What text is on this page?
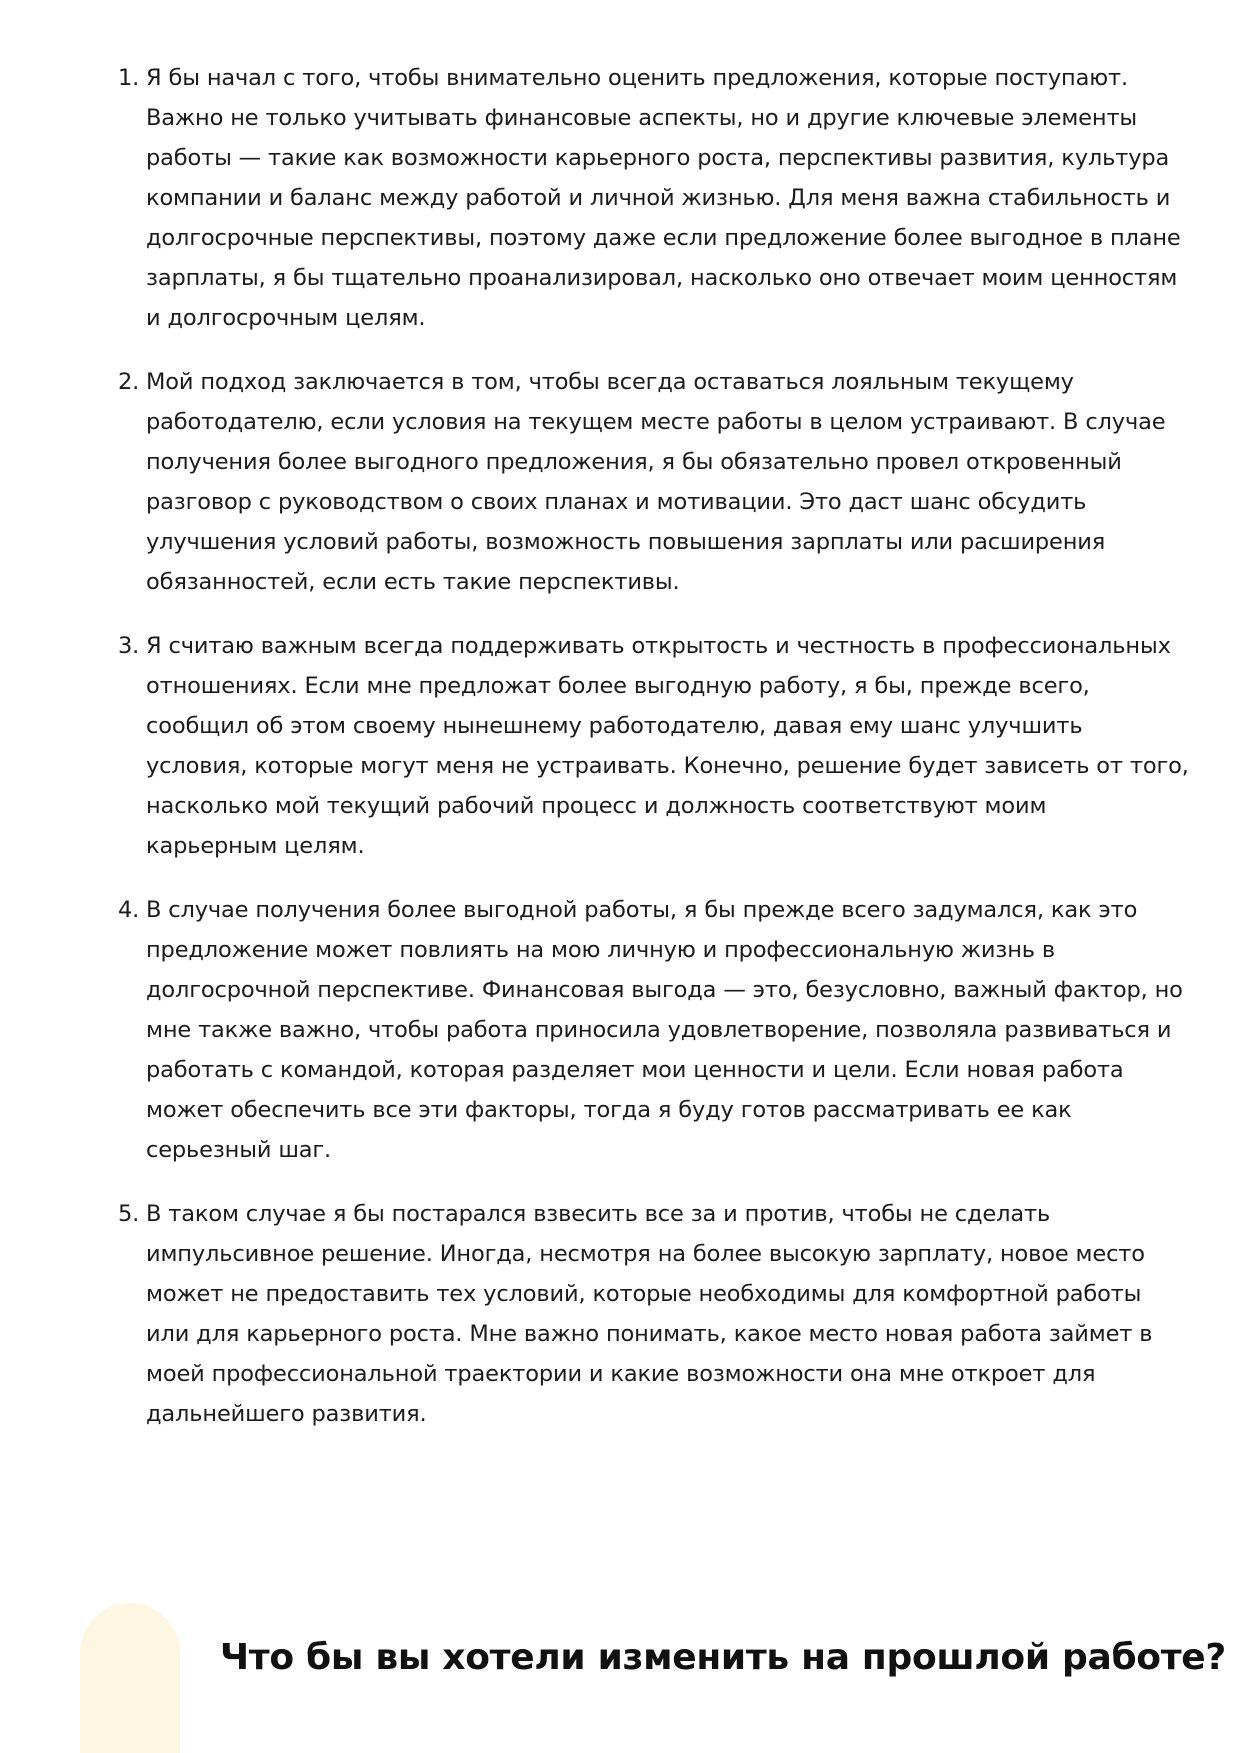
1. Я бы начал с того, чтобы внимательно оценить предложения, которые поступают.
Важно не только учитывать финансовые аспекты, но и другие ключевые элементы
работы — такие как возможности карьерного роста, перспективы развития, культура
компании и баланс между работой и личной жизнью. Для меня важна стабильность и
долгосрочные перспективы, поэтому даже если предложение более выгодное в плане
зарплаты, я бы тщательно проанализировал, насколько оно отвечает моим ценностям
и долгосрочным целям.
2. Мой подход заключается в том, чтобы всегда оставаться лояльным текущему
работодателю, если условия на текущем месте работы в целом устраивают. В случае
получения более выгодного предложения, я бы обязательно провел откровенный
разговор с руководством о своих планах и мотивации. Это даст шанс обсудить
улучшения условий работы, возможность повышения зарплаты или расширения
обязанностей, если есть такие перспективы.
3. Я считаю важным всегда поддерживать открытость и честность в профессиональных
отношениях. Если мне предложат более выгодную работу, я бы, прежде всего,
сообщил об этом своему нынешнему работодателю, давая ему шанс улучшить
условия, которые могут меня не устраивать. Конечно, решение будет зависеть от того,
насколько мой текущий рабочий процесс и должность соответствуют моим
карьерным целям.
4. В случае получения более выгодной работы, я бы прежде всего задумался, как это
предложение может повлиять на мою личную и профессиональную жизнь в
долгосрочной перспективе. Финансовая выгода — это, безусловно, важный фактор, но
мне также важно, чтобы работа приносила удовлетворение, позволяла развиваться и
работать с командой, которая разделяет мои ценности и цели. Если новая работа
может обеспечить все эти факторы, тогда я буду готов рассматривать ее как
серьезный шаг.
5. В таком случае я бы постарался взвесить все за и против, чтобы не сделать
импульсивное решение. Иногда, несмотря на более высокую зарплату, новое место
может не предоставить тех условий, которые необходимы для комфортной работы
или для карьерного роста. Мне важно понимать, какое место новая работа займет в
моей профессиональной траектории и какие возможности она мне откроет для
дальнейшего развития.
Что бы вы хотели изменить на прошлой работе?
